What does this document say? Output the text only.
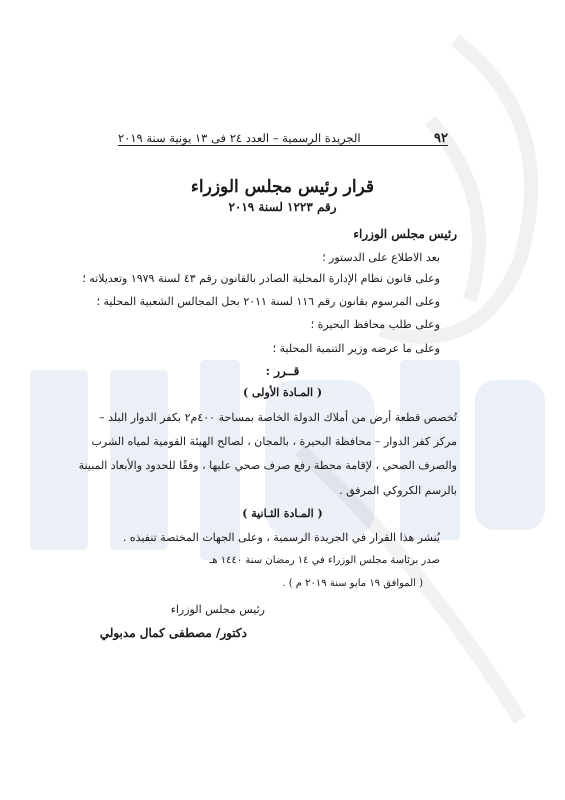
٩٢
الجريدة الرسمية – العدد ٢٤ فى ١٣ يونية سنة ٢٠١٩
قرار رئيس مجلس الوزراء
رقم ١٢٢٣ لسنة ٢٠١٩
رئيس مجلس الوزراء
بعد الاطلاع على الدستور ؛
وعلى قانون نظام الإدارة المحلية الصادر بالقانون رقم ٤٣ لسنة ١٩٧٩ وتعديلاته ؛
وعلى المرسوم بقانون رقم ١١٦ لسنة ٢٠١١ بحل المجالس الشعبية المحلية ؛
وعلى طلب محافظ البحيرة ؛
وعلى ما عرضه وزير التنمية المحلية ؛
قــرر :
( المـادة الأولى )
تُخصص قطعة أرض من أملاك الدولة الخاصة بمساحة ٤٠٠م٢ بكفر الدوار البلد –
مركز كفر الدوار – محافظة البحيرة ، بالمجان ، لصالح الهيئة القومية لمياه الشرب
والصرف الصحي ، لإقامة محطة رفع صرف صحي عليها ، وفقًا للحدود والأبعاد المبينة
بالرسم الكروكي المرفق .
( المـادة الثـانية )
يُنشر هذا القرار في الجريدة الرسمية ، وعلى الجهات المختصة تنفيذه .
صدر برئاسة مجلس الوزراء في ١٤ رمضان سنة ١٤٤٠ هـ
( الموافق ١٩ مايو سنة ٢٠١٩ م ) .
رئيس مجلس الوزراء
دكتور/ مصطفى كمال مدبولي
